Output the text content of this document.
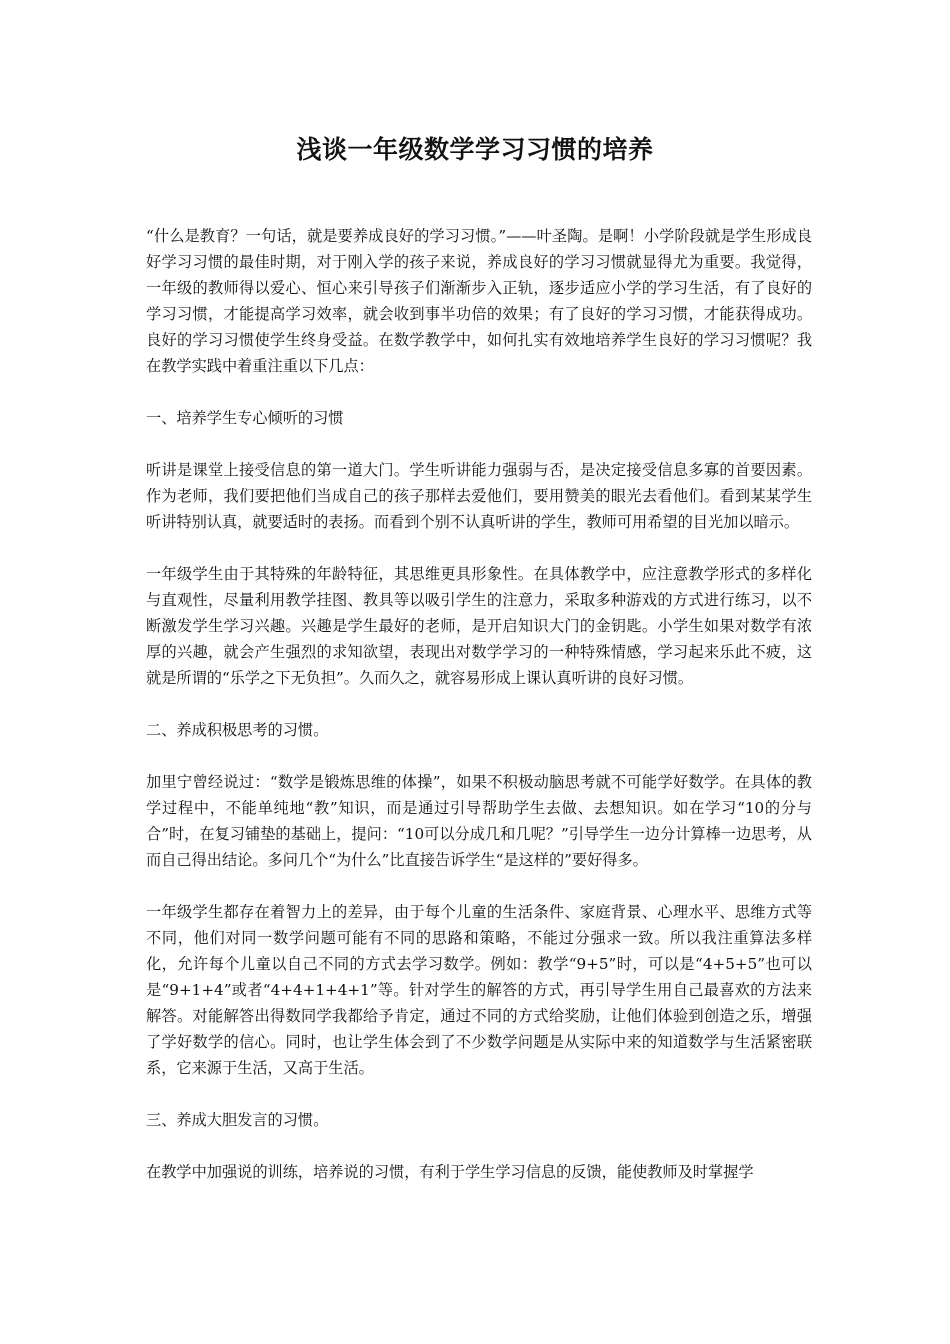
浅谈一年级数学学习习惯的培养

“什么是教育？一句话，就是要养成良好的学习习惯。”——叶圣陶。是啊！小学阶段就是学生形成良好学习习惯的最佳时期，对于刚入学的孩子来说，养成良好的学习习惯就显得尤为重要。我觉得，一年级的教师得以爱心、恒心来引导孩子们渐渐步入正轨，逐步适应小学的学习生活，有了良好的学习习惯，才能提高学习效率，就会收到事半功倍的效果；有了良好的学习习惯，才能获得成功。良好的学习习惯使学生终身受益。在数学教学中，如何扎实有效地培养学生良好的学习习惯呢？我在教学实践中着重注重以下几点：

一、培养学生专心倾听的习惯

听讲是课堂上接受信息的第一道大门。学生听讲能力强弱与否，是决定接受信息多寡的首要因素。作为老师，我们要把他们当成自己的孩子那样去爱他们，要用赞美的眼光去看他们。看到某某学生听讲特别认真，就要适时的表扬。而看到个别不认真听讲的学生，教师可用希望的目光加以暗示。

一年级学生由于其特殊的年龄特征，其思维更具形象性。在具体教学中，应注意教学形式的多样化与直观性，尽量利用教学挂图、教具等以吸引学生的注意力，采取多种游戏的方式进行练习，以不断激发学生学习兴趣。兴趣是学生最好的老师，是开启知识大门的金钥匙。小学生如果对数学有浓厚的兴趣，就会产生强烈的求知欲望，表现出对数学学习的一种特殊情感，学习起来乐此不疲，这就是所谓的“乐学之下无负担”。久而久之，就容易形成上课认真听讲的良好习惯。

二、养成积极思考的习惯。

加里宁曾经说过：“数学是锻炼思维的体操”，如果不积极动脑思考就不可能学好数学。在具体的教学过程中，不能单纯地“教”知识，而是通过引导帮助学生去做、去想知识。如在学习“10的分与合”时，在复习铺垫的基础上，提问：“10可以分成几和几呢？”引导学生一边分计算棒一边思考，从而自己得出结论。多问几个“为什么”比直接告诉学生“是这样的”要好得多。

一年级学生都存在着智力上的差异，由于每个儿童的生活条件、家庭背景、心理水平、思维方式等不同，他们对同一数学问题可能有不同的思路和策略，不能过分强求一致。所以我注重算法多样化，允许每个儿童以自己不同的方式去学习数学。例如：教学“9+5”时，可以是“4+5+5”也可以是“9+1+4”或者“4+4+1+4+1”等。针对学生的解答的方式，再引导学生用自己最喜欢的方法来解答。对能解答出得数同学我都给予肯定，通过不同的方式给奖励，让他们体验到创造之乐，增强了学好数学的信心。同时，也让学生体会到了不少数学问题是从实际中来的知道数学与生活紧密联系，它来源于生活，又高于生活。

三、养成大胆发言的习惯。

在教学中加强说的训练，培养说的习惯，有利于学生学习信息的反馈，能使教师及时掌握学
